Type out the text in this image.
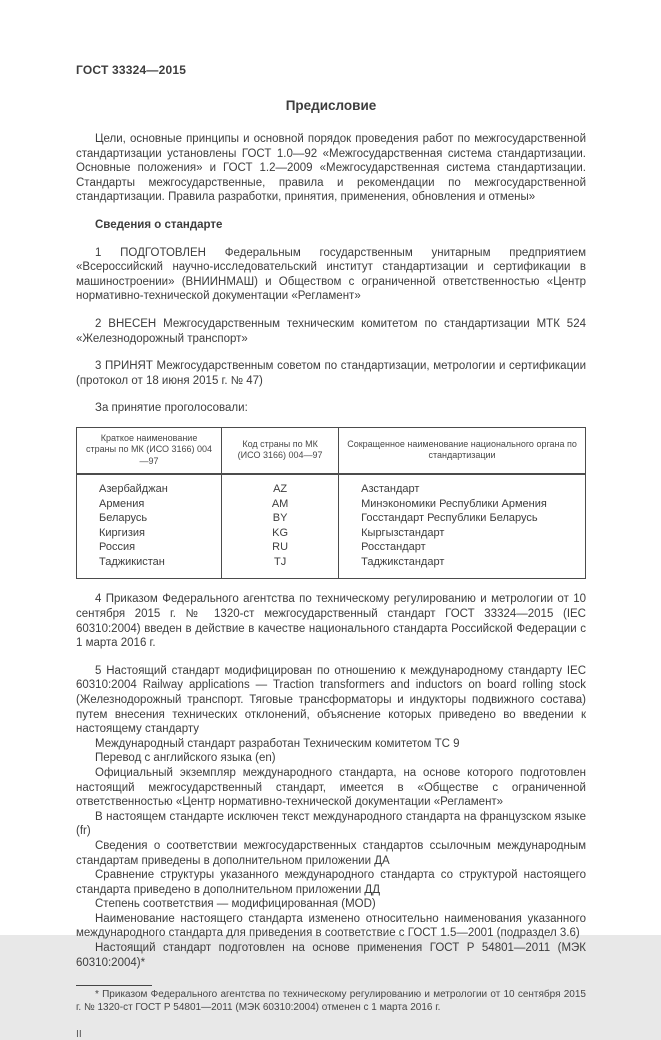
ГОСТ 33324—2015
Предисловие

Цели, основные принципы и основной порядок проведения работ по межгосударственной стандартизации установлены ГОСТ 1.0—92 «Межгосударственная система стандартизации. Основные положения» и ГОСТ 1.2—2009 «Межгосударственная система стандартизации. Стандарты межгосударственные, правила и рекомендации по межгосударственной стандартизации. Правила разработки, принятия, применения, обновления и отмены»

Сведения о стандарте

1 ПОДГОТОВЛЕН Федеральным государственным унитарным предприятием «Всероссийский научно-исследовательский институт стандартизации и сертификации в машиностроении» (ВНИИНМАШ) и Обществом с ограниченной ответственностью «Центр нормативно-технической документации «Регламент»

2 ВНЕСЕН Межгосударственным техническим комитетом по стандартизации МТК 524 «Железнодорожный транспорт»

3 ПРИНЯТ Межгосударственным советом по стандартизации, метрологии и сертификации (протокол от 18 июня 2015 г. № 47)

За принятие проголосовали:

Краткое наименование страны по МК (ИСО 3166) 004—97	Код страны по МК (ИСО 3166) 004—97	Сокращенное наименование национального органа по стандартизации
Азербайджан	AZ	Азстандарт
Армения	AM	Минэкономики Республики Армения
Беларусь	BY	Госстандарт Республики Беларусь
Киргизия	KG	Кыргызстандарт
Россия	RU	Росстандарт
Таджикистан	TJ	Таджикстандарт

4 Приказом Федерального агентства по техническому регулированию и метрологии от 10 сентября 2015 г. № 1320-ст межгосударственный стандарт ГОСТ 33324—2015 (IEC 60310:2004) введен в действие в качестве национального стандарта Российской Федерации с 1 марта 2016 г.

5 Настоящий стандарт модифицирован по отношению к международному стандарту IEC 60310:2004 Railway applications — Traction transformers and inductors on board rolling stock (Железнодорожный транспорт. Тяговые трансформаторы и индукторы подвижного состава) путем внесения технических отклонений, объяснение которых приведено во введении к настоящему стандарту

Международный стандарт разработан Техническим комитетом ТС 9

Перевод с английского языка (en)

Официальный экземпляр международного стандарта, на основе которого подготовлен настоящий межгосударственный стандарт, имеется в «Обществе с ограниченной ответственностью «Центр нормативно-технической документации «Регламент»

В настоящем стандарте исключен текст международного стандарта на французском языке (fr)

Сведения о соответствии межгосударственных стандартов ссылочным международным стандартам приведены в дополнительном приложении ДА

Сравнение структуры указанного международного стандарта со структурой настоящего стандарта приведено в дополнительном приложении ДД

Степень соответствия — модифицированная (MOD)

Наименование настоящего стандарта изменено относительно наименования указанного международного стандарта для приведения в соответствие с ГОСТ 1.5—2001 (подраздел 3.6)

Настоящий стандарт подготовлен на основе применения ГОСТ Р 54801—2011 (МЭК 60310:2004)*

* Приказом Федерального агентства по техническому регулированию и метрологии от 10 сентября 2015 г. № 1320-ст ГОСТ Р 54801—2011 (МЭК 60310:2004) отменен с 1 марта 2016 г.

II
